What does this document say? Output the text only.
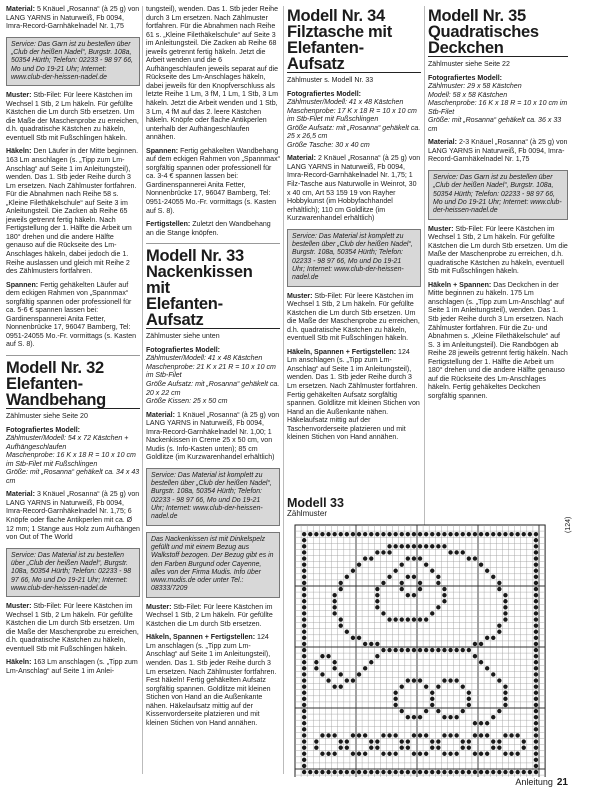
Material: 5 Knäuel „Rosanna“ (à 25 g) von LANG YARNS in Naturweiß, Fb 0094, Imra-Record-Garnhäkelnadel Nr. 1,75

Service: Das Garn ist zu bestellen über „Club der heißen Nadel“, Burgstr. 108a, 50354 Hürth; Telefon: 02233 - 98 97 66, Mo und Do 19-21 Uhr; Internet: www.club-der-heissen-nadel.de

Muster: Stb-Filet: Für leere Kästchen im Wechsel 1 Stb, 2 Lm häkeln. Für gefüllte Kästchen die Lm durch Stb ersetzen. Um die Maße der Maschenprobe zu erreichen, d.h. quadratische Kästchen zu häkeln, eventuell Stb mit Fußschlingen häkeln.

Häkeln: Den Läufer in der Mitte beginnen. 163 Lm anschlagen (s. „Tipp zum Lm-Anschlag“ auf Seite 1 im Anleitungsteil), wenden. Das 1. Stb jeder Reihe durch 3 Lm ersetzen. Nach Zählmuster fortfahren. Für die Abnahmen nach Reihe 58 s. „Kleine Filethäkelschule“ auf Seite 3 im Anleitungsteil. Die Zacken ab Reihe 65 jeweils getrennt fertig häkeln. Nach Fertigstellung der 1. Hälfte die Arbeit um 180° drehen und die andere Hälfte genauso auf die Rückseite des Lm-Anschlages häkeln, dabei jedoch die 1. Reihe auslassen und gleich mit Reihe 2 des Zählmusters fortfahren.

Spannen: Fertig gehäkelten Läufer auf dem eckigen Rahmen von „Spannmax“ sorgfältig spannen oder professionell für ca. 5-6 € spannen lassen bei: Gardinenspannerei Anita Fetter, Nonnenbrücke 17, 96047 Bamberg, Tel: 0951-24055 Mo.-Fr. vormittags (s. Kasten auf S. 8).

Modell Nr. 32
Elefanten-
Wandbehang

Zählmuster siehe Seite 20

Fotografiertes Modell:
Zählmuster/Modell: 54 x 72 Kästchen + Aufhängeschlaufen
Maschenprobe: 16 K x 18 R = 10 x 10 cm im Stb-Filet mit Fußschlingen
Größe: mit „Rosanna“ gehäkelt ca. 34 x 43 cm

Material: 3 Knäuel „Rosanna“ (à 25 g) von LANG YARNS in Naturweiß, Fb 0094, Imra-Record-Garnhäkelnadel Nr. 1,75; 6 Knöpfe oder flache Antikperlen mit ca. Ø 12 mm; 1 Stange aus Holz zum Aufhängen von Out of The World

Service: Das Material ist zu bestellen über „Club der heißen Nadel“, Burgstr. 108a, 50354 Hürth; Telefon: 02233 - 98 97 66, Mo und Do 19-21 Uhr; Internet: www.club-der-heissen-nadel.de

Muster: Stb-Filet: Für leere Kästchen im Wechsel 1 Stb, 2 Lm häkeln. Für gefüllte Kästchen die Lm durch Stb ersetzen. Um die Maße der Maschenprobe zu erreichen, d.h. quadratische Kästchen zu häkeln, eventuell Stb mit Fußschlingen häkeln.

Häkeln: 163 Lm anschlagen (s. „Tipp zum Lm-Anschlag“ auf Seite 1 im Anlei-

tungsteil), wenden. Das 1. Stb jeder Reihe durch 3 Lm ersetzen. Nach Zählmuster fortfahren. Für die Abnahmen nach Reihe 61 s. „Kleine Filethäkelschule“ auf Seite 3 im Anleitungsteil. Die Zacken ab Reihe 68 jeweils getrennt fertig häkeln. Jetzt die Arbeit wenden und die 6 Aufhängeschlaufen jeweils separat auf die Rückseite des Lm-Anschlages häkeln, dabei jeweils für den Knopfverschluss als letzte Reihe 1 Lm, 3 fM, 1 Lm, 1 Stb, 3 Lm häkeln. Jetzt die Arbeit wenden und 1 Stb, 3 Lm, 4 fM auf das 2. leere Kästchen häkeln. Knöpfe oder flache Antikperlen unterhalb der Aufhängeschlaufen annähen.

Spannen: Fertig gehäkelten Wandbehang auf dem eckigen Rahmen von „Spannmax“ sorgfältig spannen oder professionell für ca. 3-4 € spannen lassen bei: Gardinenspannerei Anita Fetter, Nonnenbrücke 17, 96047 Bamberg, Tel: 0951-24055 Mo.-Fr. vormittags (s. Kasten auf S. 8).

Fertigstellen: Zuletzt den Wandbehang an die Stange knöpfen.

Modell Nr. 33
Nackenkissen mit
Elefanten-Aufsatz

Zählmuster siehe unten

Fotografiertes Modell:
Zählmuster/Modell: 41 x 48 Kästchen
Maschenprobe: 21 K x 21 R = 10 x 10 cm im Stb-Filet
Größe Aufsatz: mit „Rosanna“ gehäkelt ca. 20 x 22 cm
Größe Kissen: 25 x 50 cm

Material: 1 Knäuel „Rosanna“ (à 25 g) von LANG YARNS in Naturweiß, Fb 0094, Imra-Record-Garnhäkelnadel Nr. 1,00; 1 Nackenkissen in Creme 25 x 50 cm, von Mudis (s. Info-Kasten unten); 85 cm Goldlitze (im Kurzwarenhandel erhältlich)

Service: Das Material ist komplett zu bestellen über „Club der heißen Nadel“, Burgstr. 108a, 50354 Hürth; Telefon: 02233 - 98 97 66, Mo und Do 19-21 Uhr; Internet: www.club-der-heissen-nadel.de
Das Nackenkissen ist mit Dinkelspelz gefüllt und mit einem Bezug aus Walkstoff bezogen. Der Bezug gibt es in den Farben Burgund oder Cayenne, alles von der Firma Mudis. Info über www.mudis.de oder unter Tel.: 08333/7209

Muster: Stb-Filet: Für leere Kästchen im Wechsel 1 Stb, 2 Lm häkeln. Für gefüllte Kästchen die Lm durch Stb ersetzen.

Häkeln, Spannen + Fertigstellen: 124 Lm anschlagen (s. „Tipp zum Lm-Anschlag“ auf Seite 1 im Anleitungsteil), wenden. Das 1. Stb jeder Reihe durch 3 Lm ersetzen. Nach Zählmuster fortfahren. Fest häkeln! Fertig gehäkelten Aufsatz sorgfältig spannen. Goldlitze mit kleinen Stichen von Hand an die Außenkante nähen. Häkelaufsatz mittig auf der Kissenvorderseite platzieren und mit kleinen Stichen von Hand annähen.

Modell Nr. 34
Filztasche mit
Elefanten-Aufsatz

Zählmuster s. Modell Nr. 33

Fotografiertes Modell:
Zählmuster/Modell: 41 x 48 Kästchen
Maschenprobe: 17 K x 18 R = 10 x 10 cm im Stb-Filet mit Fußschlingen
Größe Aufsatz: mit „Rosanna“ gehäkelt ca. 25 x 26,5 cm
Größe Tasche: 30 x 40 cm

Material: 2 Knäuel „Rosanna“ (à 25 g) von LANG YARNS in Naturweiß, Fb 0094, Imra-Record-Garnhäkelnadel Nr. 1,75; 1 Filz-Tasche aus Naturwolle in Weinrot, 30 x 40 cm, Art 53 159 19 von Rayher Hobbykunst (im Hobbyfachhandel erhältlich); 110 cm Goldlitze (im Kurzwarenhandel erhältlich)

Service: Das Material ist komplett zu bestellen über „Club der heißen Nadel“, Burgstr. 108a, 50354 Hürth; Telefon: 02233 - 98 97 66, Mo und Do 19-21 Uhr; Internet: www.club-der-heissen-nadel.de

Muster: Stb-Filet: Für leere Kästchen im Wechsel 1 Stb, 2 Lm häkeln. Für gefüllte Kästchen die Lm durch Stb ersetzen. Um die Maße der Maschenprobe zu erreichen, d.h. quadratische Kästchen zu häkeln, eventuell Stb mit Fußschlingen häkeln.

Häkeln, Spannen + Fertigstellen: 124 Lm anschlagen (s. „Tipp zum Lm-Anschlag“ auf Seite 1 im Anleitungsteil), wenden. Das 1. Stb jeder Reihe durch 3 Lm ersetzen. Nach Zählmuster fortfahren. Fertig gehäkelten Aufsatz sorgfältig spannen. Goldlitze mit kleinen Stichen von Hand an die Außenkante nähen. Häkelaufsatz mittig auf der Taschenvorderseite platzieren und mit kleinen Stichen von Hand annähen.

Modell Nr. 35
Quadratisches
Deckchen

Zählmuster siehe Seite 22

Fotografiertes Modell:
Zählmuster: 29 x 58 Kästchen
Modell: 58 x 58 Kästchen
Maschenprobe: 16 K x 18 R = 10 x 10 cm im Stb-Filet
Größe: mit „Rosanna“ gehäkelt ca. 36 x 33 cm

Material: 2-3 Knäuel „Rosanna“ (à 25 g) von LANG YARNS in Naturweiß, Fb 0094, Imra-Record-Garnhäkelnadel Nr. 1,75

Service: Das Garn ist zu bestellen über „Club der heißen Nadel“, Burgstr. 108a, 50354 Hürth; Telefon: 02233 - 98 97 66, Mo und Do 19-21 Uhr; Internet: www.club-der-heissen-nadel.de

Muster: Stb-Filet: Für leere Kästchen im Wechsel 1 Stb, 2 Lm häkeln. Für gefüllte Kästchen die Lm durch Stb ersetzen. Um die Maße der Maschenprobe zu erreichen, d.h. quadratische Kästchen zu häkeln, eventuell Stb mit Fußschlingen häkeln.

Häkeln + Spannen: Das Deckchen in der Mitte beginnen zu häkeln. 175 Lm anschlagen (s. „Tipp zum Lm-Anschlag“ auf Seite 1 im Anleitungsteil), wenden. Das 1. Stb jeder Reihe durch 3 Lm ersetzen. Nach Zählmuster fortfahren. Für die Zu- und Abnahmen s. „Kleine Filethäkelschule“ auf S. 3 im Anleitungsteil). Die Randbögen ab Reihe 28 jeweils getrennt fertig häkeln. Nach Fertigstellung der 1. Hälfte die Arbeit um 180° drehen und die andere Hälfte genauso auf die Rückseite des Lm-Anschlages häkeln. Fertig gehäkeltes Deckchen sorgfältig spannen.

Modell 33
Zählmuster
(124)
Anleitung 21
